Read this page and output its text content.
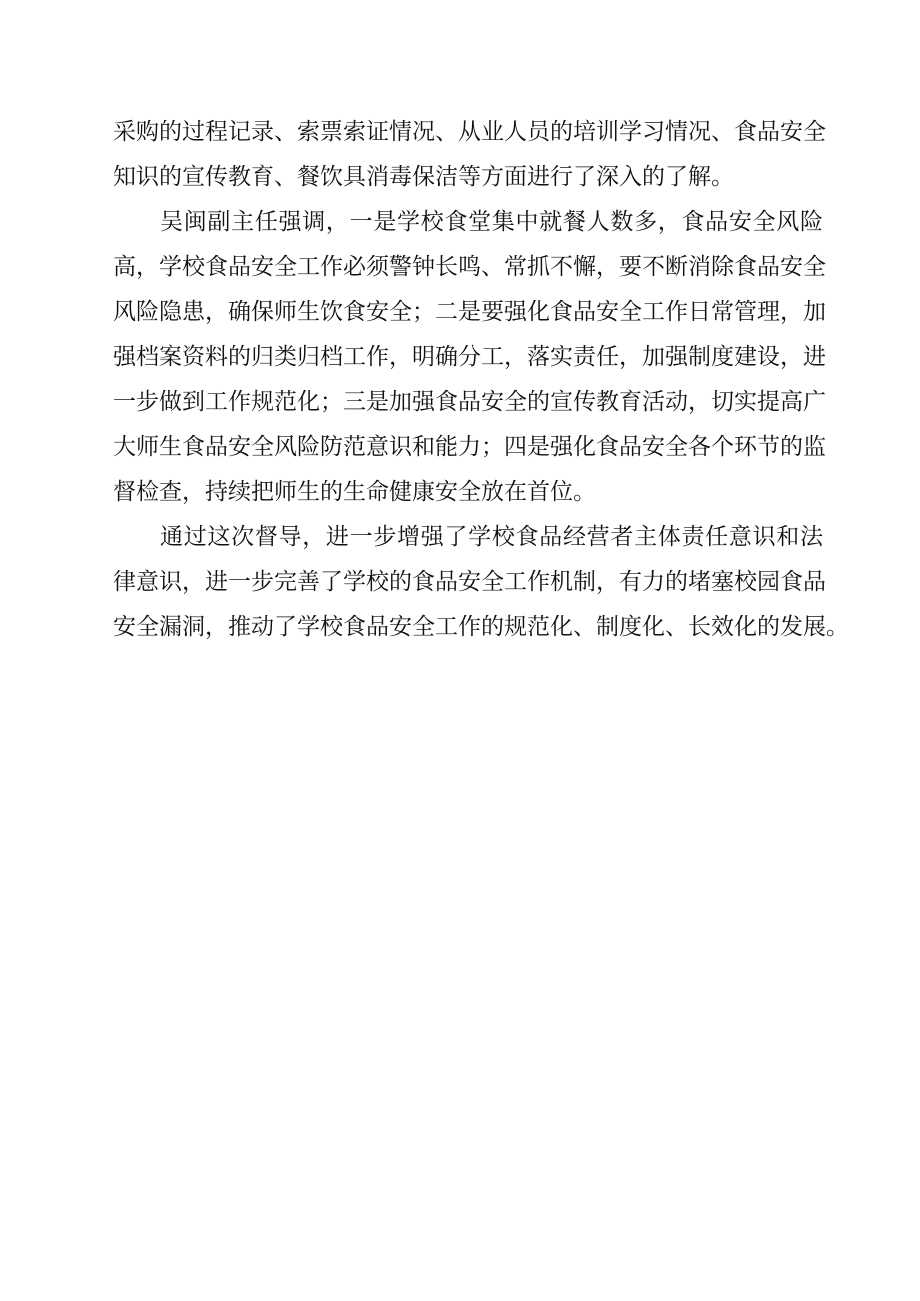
采购的过程记录、索票索证情况、从业人员的培训学习情况、食品安全
知识的宣传教育、餐饮具消毒保洁等方面进行了深入的了解。
吴闽副主任强调，一是学校食堂集中就餐人数多，食品安全风险
高，学校食品安全工作必须警钟长鸣、常抓不懈，要不断消除食品安全
风险隐患，确保师生饮食安全；二是要强化食品安全工作日常管理，加
强档案资料的归类归档工作，明确分工，落实责任，加强制度建设，进
一步做到工作规范化；三是加强食品安全的宣传教育活动，切实提高广
大师生食品安全风险防范意识和能力；四是强化食品安全各个环节的监
督检查，持续把师生的生命健康安全放在首位。
通过这次督导，进一步增强了学校食品经营者主体责任意识和法
律意识，进一步完善了学校的食品安全工作机制，有力的堵塞校园食品
安全漏洞，推动了学校食品安全工作的规范化、制度化、长效化的发展。
